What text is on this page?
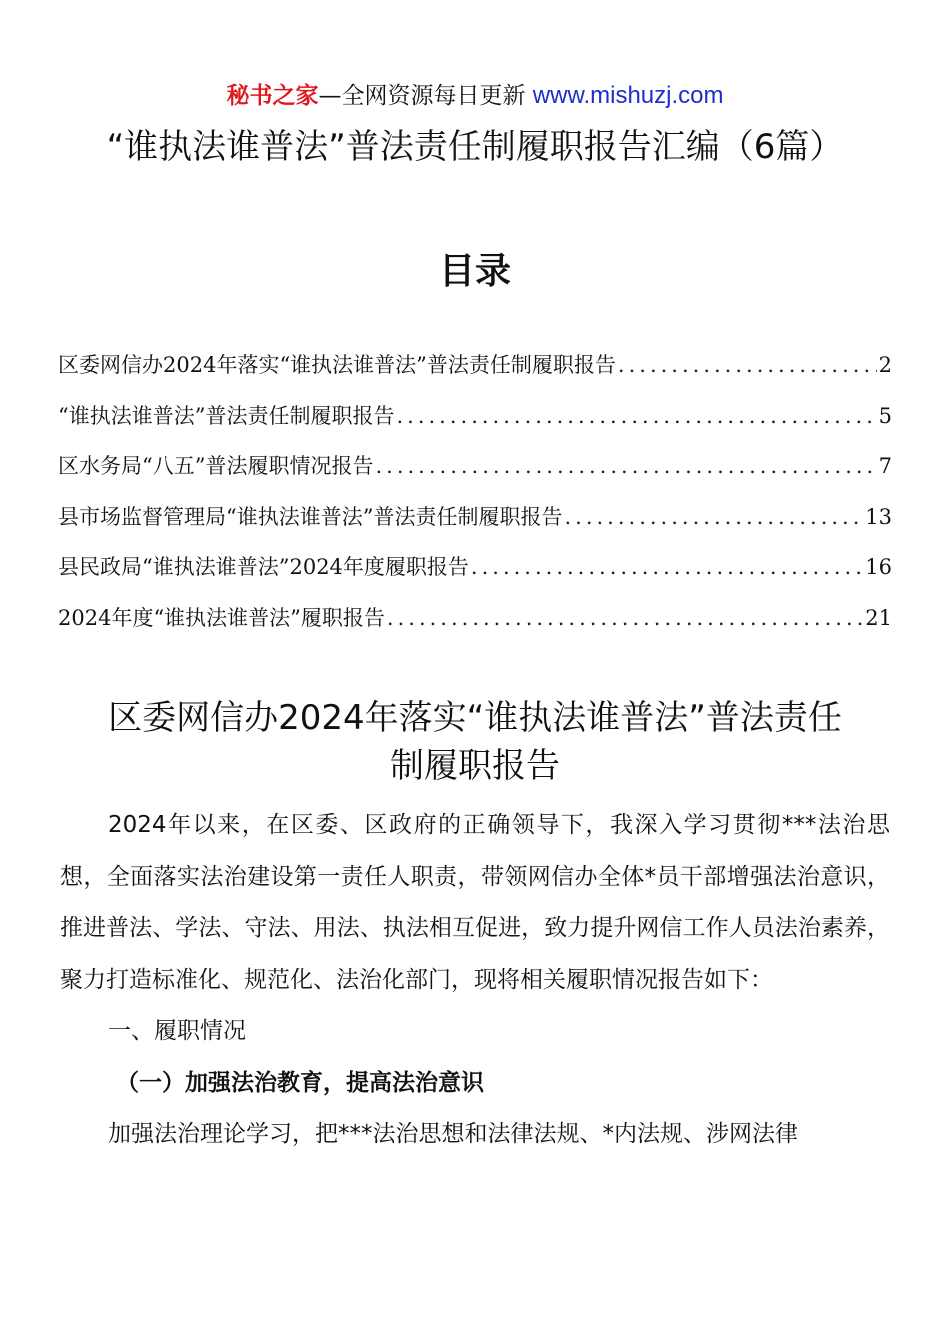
秘书之家—全网资源每日更新 www.mishuzj.com
“谁执法谁普法”普法责任制履职报告汇编（6篇）
目录
区委网信办2024年落实“谁执法谁普法”普法责任制履职报告 .....	2
“谁执法谁普法”普法责任制履职报告 .....	5
区水务局“八五”普法履职情况报告 .....	7
县市场监督管理局“谁执法谁普法”普法责任制履职报告 .....	13
县民政局“谁执法谁普法”2024年度履职报告 .....	16
2024年度“谁执法谁普法”履职报告 .....	21
区委网信办2024年落实“谁执法谁普法”普法责任
制履职报告

2024年以来，在区委、区政府的正确领导下，我深入学习贯彻***法治思想，全面落实法治建设第一责任人职责，带领网信办全体*员干部增强法治意识，推进普法、学法、守法、用法、执法相互促进，致力提升网信工作人员法治素养，聚力打造标准化、规范化、法治化部门，现将相关履职情况报告如下：

一、履职情况

（一）加强法治教育，提高法治意识

加强法治理论学习，把***法治思想和法律法规、*内法规、涉网法律
